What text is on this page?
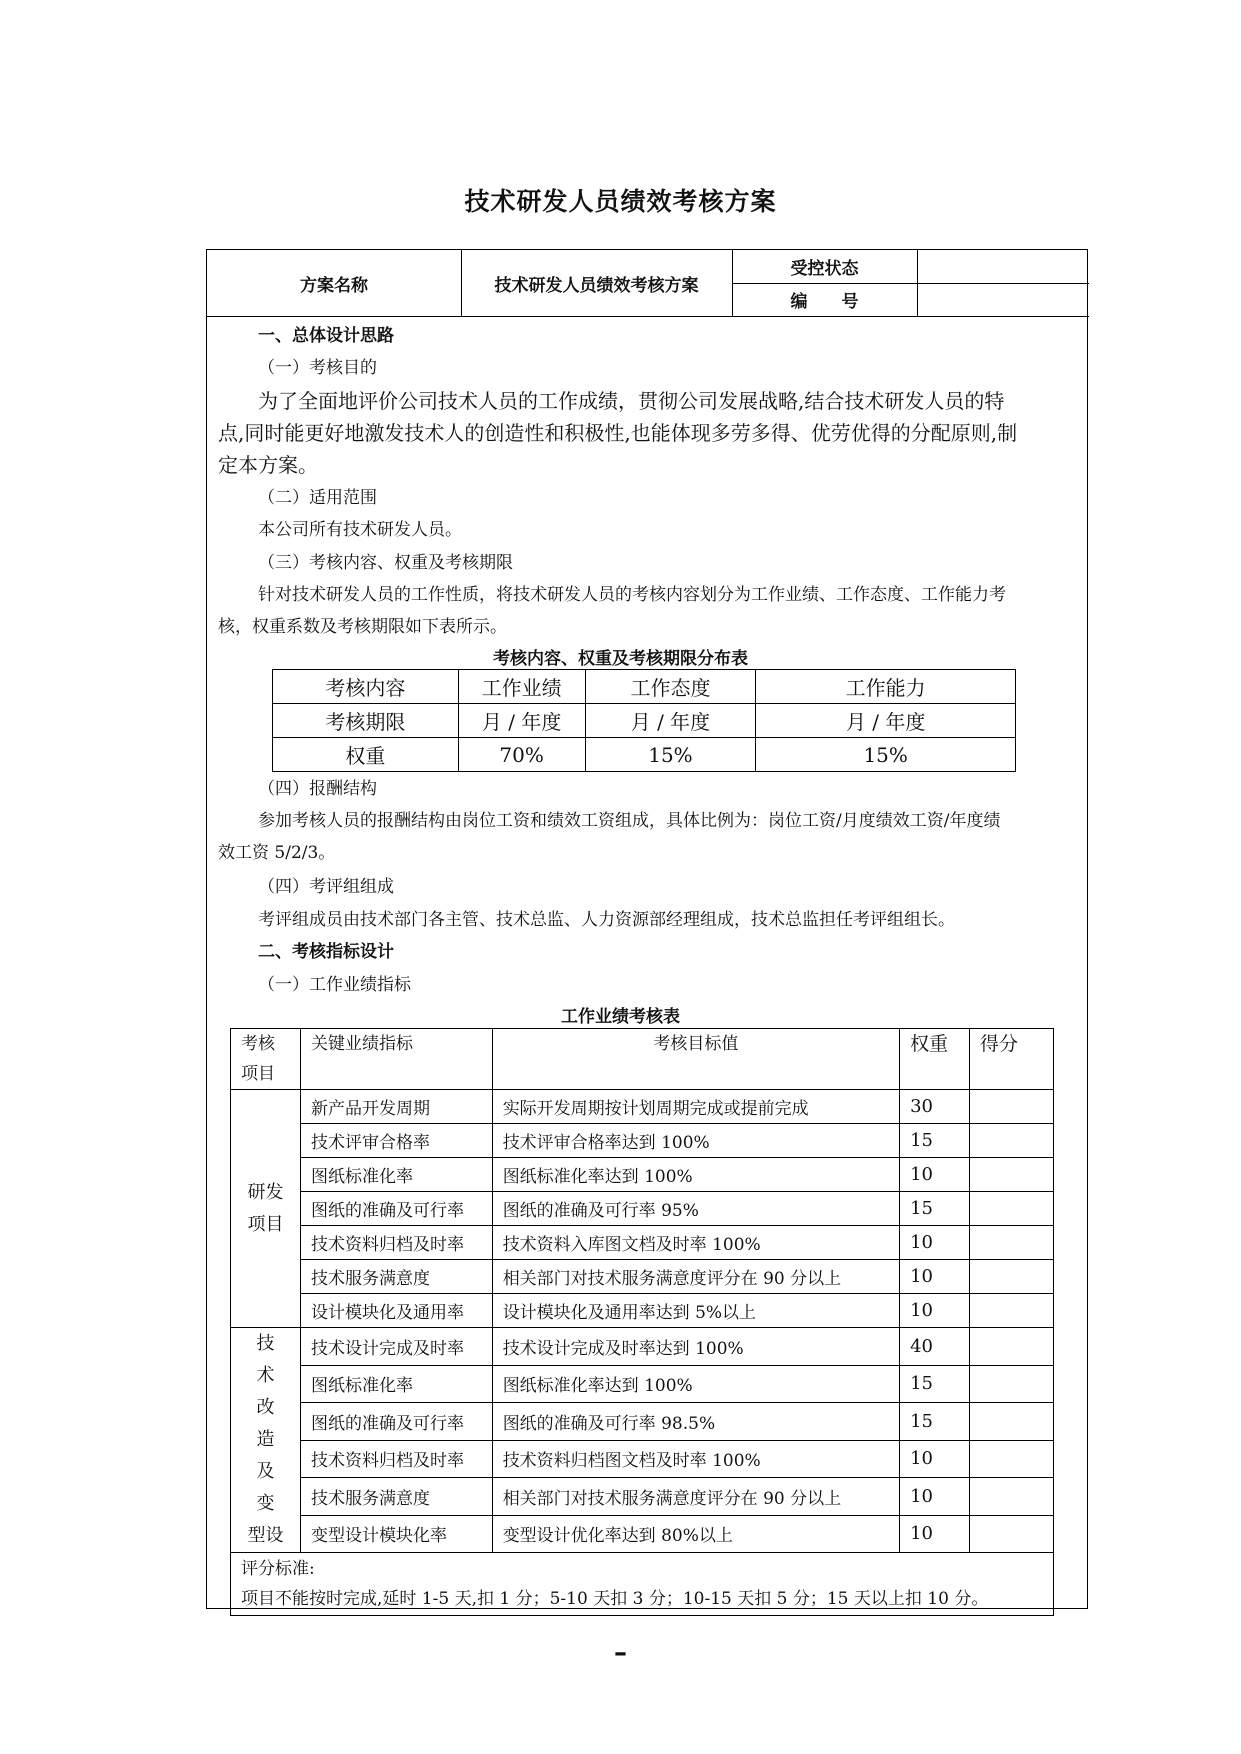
技术研发人员绩效考核方案
方案名称	技术研发人员绩效考核方案
受控状态
编　　号
一、总体设计思路
（一）考核目的
为了全面地评价公司技术人员的工作成绩，贯彻公司发展战略,结合技术研发人员的特
点,同时能更好地激发技术人的创造性和积极性,也能体现多劳多得、优劳优得的分配原则,制
定本方案。
（二）适用范围
本公司所有技术研发人员。
（三）考核内容、权重及考核期限
针对技术研发人员的工作性质，将技术研发人员的考核内容划分为工作业绩、工作态度、工作能力考
核，权重系数及考核期限如下表所示。
考核内容、权重及考核期限分布表
考核内容	工作业绩	工作态度	工作能力
考核期限	月 / 年度	月 / 年度	月 / 年度
权重	70%	15%	15%
（四）报酬结构
参加考核人员的报酬结构由岗位工资和绩效工资组成，具体比例为：岗位工资/月度绩效工资/年度绩
效工资 5/2/3。
（四）考评组组成
考评组成员由技术部门各主管、技术总监、人力资源部经理组成，技术总监担任考评组组长。
二、考核指标设计
（一）工作业绩指标
工作业绩考核表
考核
项目	关键业绩指标	考核目标值	权重	得分
研发
项目	新产品开发周期	实际开发周期按计划周期完成或提前完成	30	
	技术评审合格率	技术评审合格率达到 100%	15	
	图纸标准化率	图纸标准化率达到 100%	10	
	图纸的准确及可行率	图纸的准确及可行率 95%	15	
	技术资料归档及时率	技术资料入库图文档及时率 100%	10	
	技术服务满意度	相关部门对技术服务满意度评分在 90 分以上	10	
	设计模块化及通用率	设计模块化及通用率达到 5%以上	10	
技　术
改　造
及　变
型设	技术设计完成及时率	技术设计完成及时率达到 100%	40	
	图纸标准化率	图纸标准化率达到 100%	15	
	图纸的准确及可行率	图纸的准确及可行率 98.5%	15	
	技术资料归档及时率	技术资料归档图文档及时率 100%	10	
	技术服务满意度	相关部门对技术服务满意度评分在 90 分以上	10	
	变型设计模块化率	变型设计优化率达到 80%以上	10	

评分标准:
项目不能按时完成,延时 1-5 天,扣 1 分；5-10 天扣 3 分；10-15 天扣 5 分；15 天以上扣 10 分。				
–
